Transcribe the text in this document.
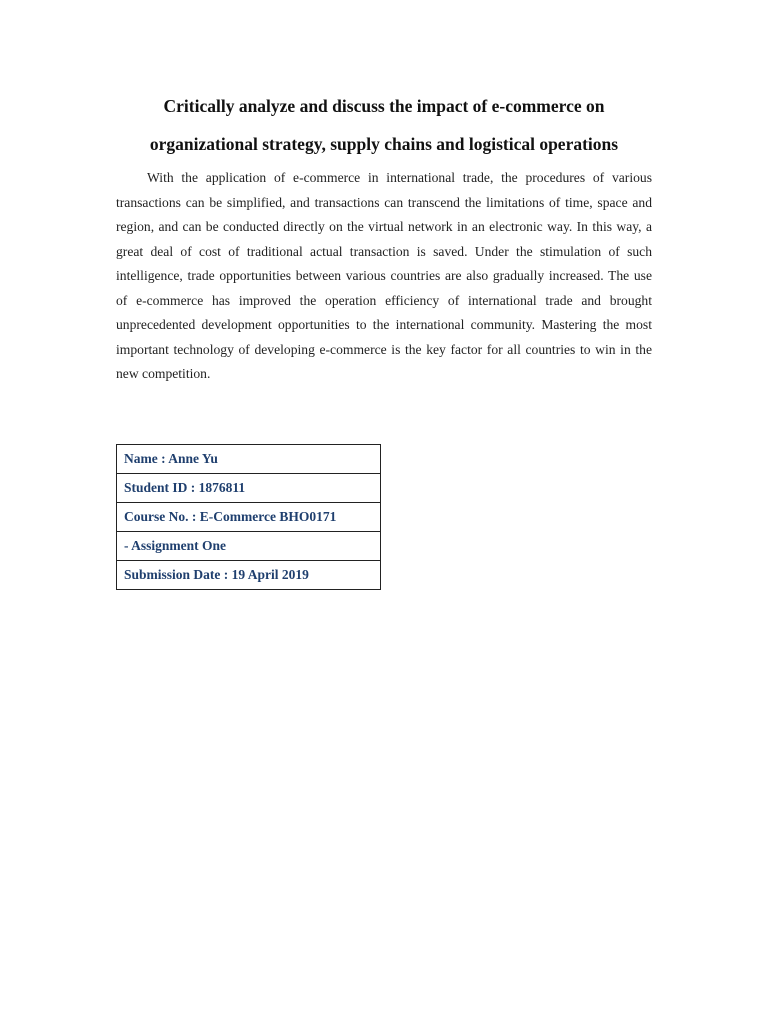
Critically analyze and discuss the impact of e-commerce on
organizational strategy, supply chains and logistical operations

With the application of e-commerce in international trade, the procedures of various transactions can be simplified, and transactions can transcend the limitations of time, space and region, and can be conducted directly on the virtual network in an electronic way. In this way, a great deal of cost of traditional actual transaction is saved. Under the stimulation of such intelligence, trade opportunities between various countries are also gradually increased. The use of e-commerce has improved the operation efficiency of international trade and brought unprecedented development opportunities to the international community. Mastering the most important technology of developing e-commerce is the key factor for all countries to win in the new competition.

Name : Anne Yu
Student ID : 1876811
Course No. : E-Commerce BHO0171
- Assignment One
Submission Date : 19 April 2019
